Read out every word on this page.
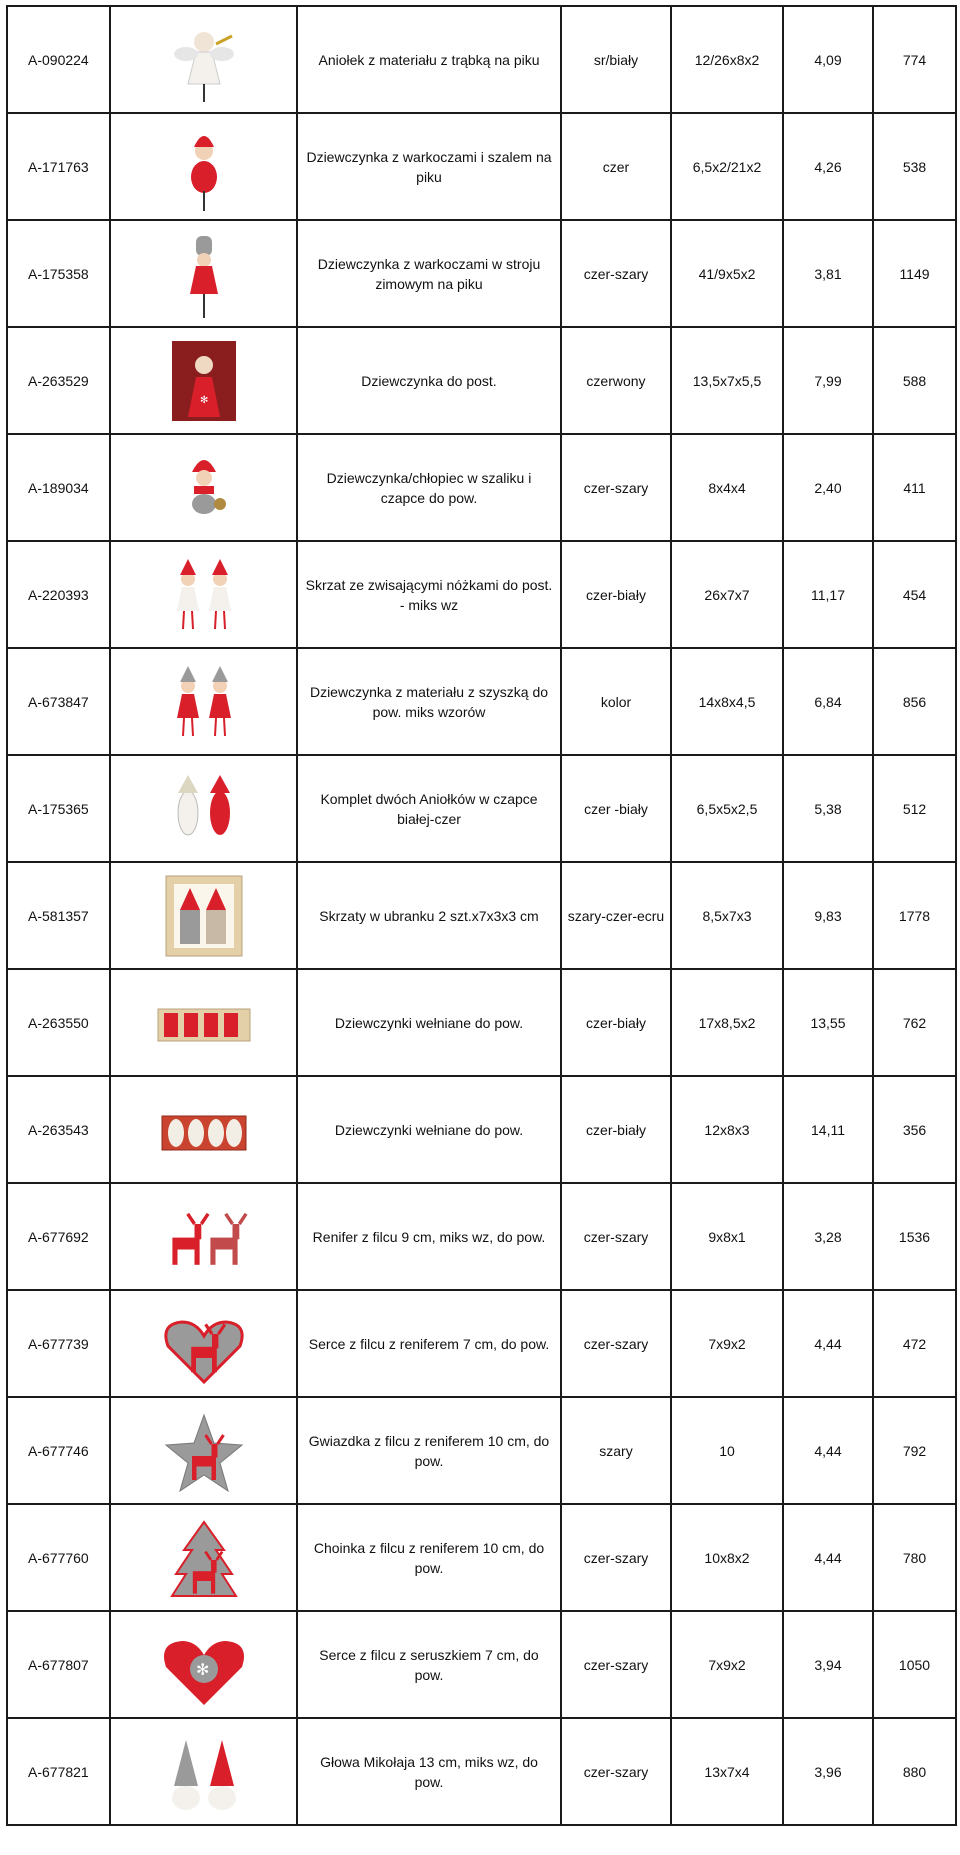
A-090224		Aniołek z materiału z trąbką na piku	sr/biały	12/26x8x2	4,09	774
A-171763		Dziewczynka z warkoczami i szalem na piku	czer	6,5x2/21x2	4,26	538
A-175358		Dziewczynka z warkoczami w stroju zimowym na piku	czer-szary	41/9x5x2	3,81	1149
A-263529	✻	Dziewczynka do post.	czerwony	13,5x7x5,5	7,99	588
A-189034		Dziewczynka/chłopiec w szaliku i czapce do pow.	czer-szary	8x4x4	2,40	411
A-220393		Skrzat ze zwisającymi nóżkami do post. - miks wz	czer-biały	26x7x7	11,17	454
A-673847		Dziewczynka z materiału z szyszką do pow. miks wzorów	kolor	14x8x4,5	6,84	856
A-175365		Komplet dwóch Aniołków w czapce białej-czer	czer -biały	6,5x5x2,5	5,38	512
A-581357		Skrzaty w ubranku 2 szt.x7x3x3 cm	szary-czer-ecru	8,5x7x3	9,83	1778
A-263550		Dziewczynki wełniane do pow.	czer-biały	17x8,5x2	13,55	762
A-263543		Dziewczynki wełniane do pow.	czer-biały	12x8x3	14,11	356
A-677692		Renifer z filcu 9 cm, miks wz, do pow.	czer-szary	9x8x1	3,28	1536
A-677739		Serce z filcu z reniferem 7 cm, do pow.	czer-szary	7x9x2	4,44	472
A-677746		Gwiazdka z filcu z reniferem 10 cm, do pow.	szary	10	4,44	792
A-677760		Choinka z filcu z reniferem 10 cm, do pow.	czer-szary	10x8x2	4,44	780
A-677807	✻	Serce z filcu z seruszkiem 7 cm, do pow.	czer-szary	7x9x2	3,94	1050
A-677821		Głowa Mikołaja 13 cm, miks wz, do pow.	czer-szary	13x7x4	3,96	880
